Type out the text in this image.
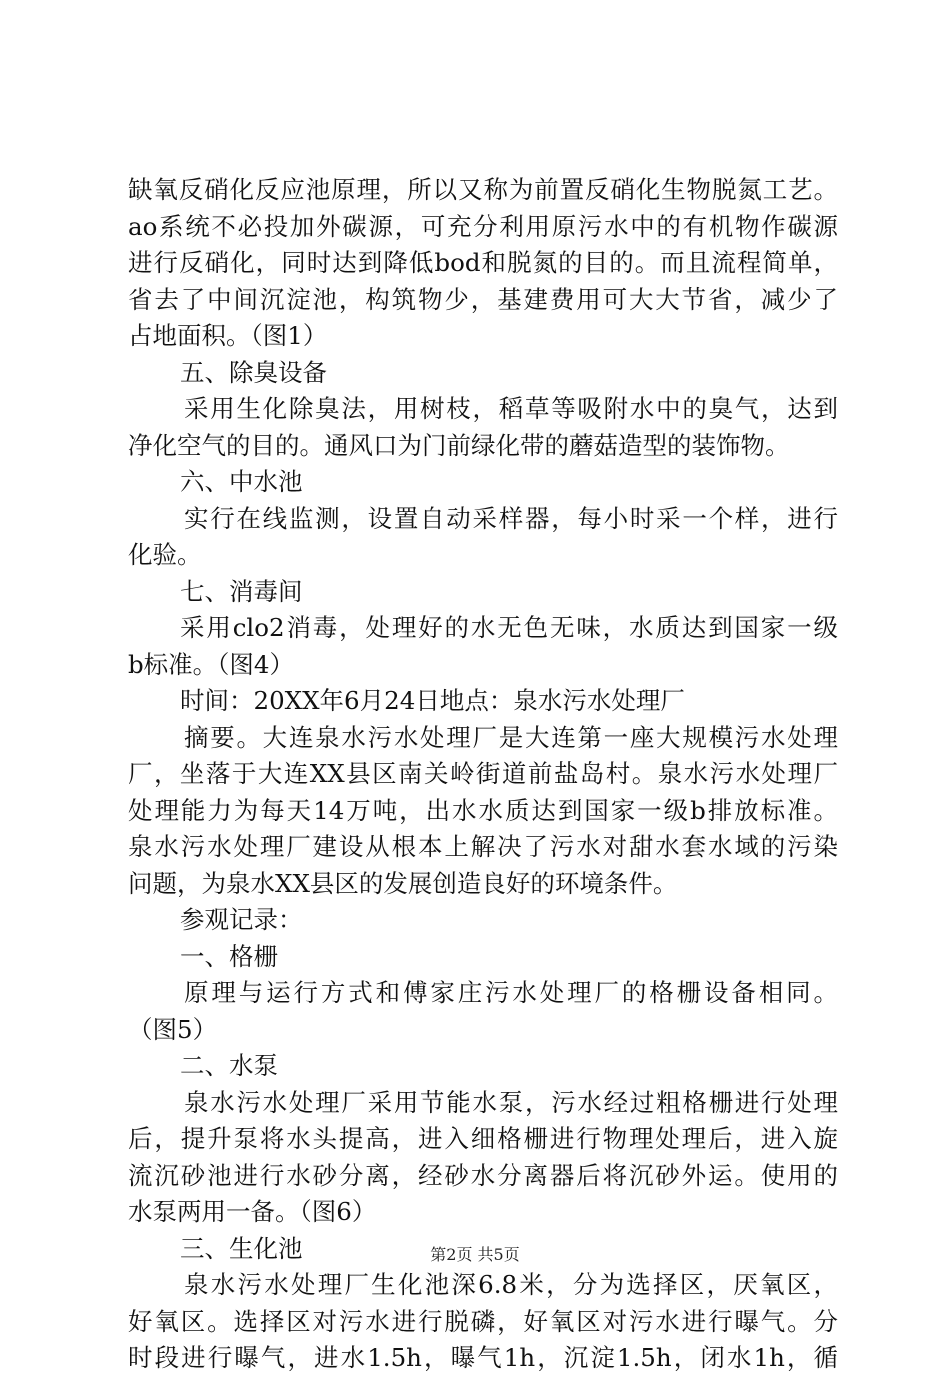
缺氧反硝化反应池原理，所以又称为前置反硝化生物脱氮工艺。
ao系统不必投加外碳源，可充分利用原污水中的有机物作碳源
进行反硝化，同时达到降低bod和脱氮的目的。而且流程简单，
省去了中间沉淀池，构筑物少，基建费用可大大节省，减少了
占地面积。（图1）
五、除臭设备
采用生化除臭法，用树枝，稻草等吸附水中的臭气，达到
净化空气的目的。通风口为门前绿化带的蘑菇造型的装饰物。
六、中水池
实行在线监测，设置自动采样器，每小时采一个样，进行
化验。
七、消毒间
采用clo2消毒，处理好的水无色无味，水质达到国家一级
b标准。（图4）
时间：20XX年6月24日地点：泉水污水处理厂
摘要。大连泉水污水处理厂是大连第一座大规模污水处理
厂，坐落于大连XX县区南关岭街道前盐岛村。泉水污水处理厂
处理能力为每天14万吨，出水水质达到国家一级b排放标准。
泉水污水处理厂建设从根本上解决了污水对甜水套水域的污染
问题，为泉水XX县区的发展创造良好的环境条件。
参观记录：
一、格栅
原理与运行方式和傅家庄污水处理厂的格栅设备相同。
（图5）
二、水泵
泉水污水处理厂采用节能水泵，污水经过粗格栅进行处理
后，提升泵将水头提高，进入细格栅进行物理处理后，进入旋
流沉砂池进行水砂分离，经砂水分离器后将沉砂外运。使用的
水泵两用一备。（图6）
三、生化池
泉水污水处理厂生化池深6.8米，分为选择区，厌氧区，
好氧区。选择区对污水进行脱磷，好氧区对污水进行曝气。分
时段进行曝气，进水1.5h，曝气1h，沉淀1.5h，闭水1h，循
第2页 共5页
